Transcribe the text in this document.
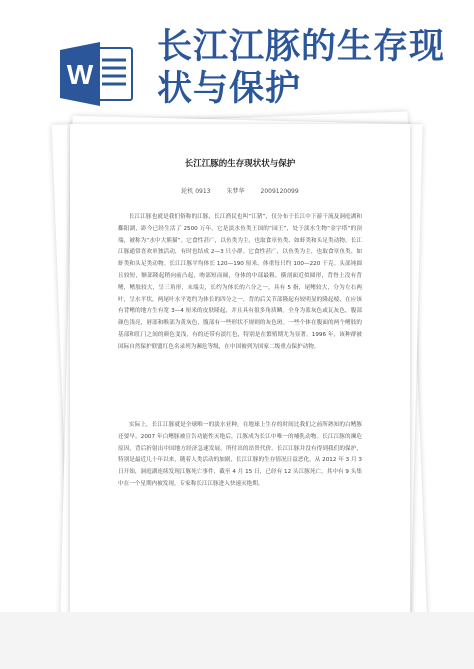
W
长江江豚的生存现状与保护
长江江豚的生存现状状与保护
轮机 0913	朱梦华	2009120099

长江江豚也就是我们俗称的江豚，长江渔民也叫“江猪”，仅分布于长江中下游干流及洞庭湖和鄱阳湖，距今已经生活了 2500 万年。它是淡水鱼类王国的“园王”，处于淡水生物“金字塔”的顶端，被称为“水中大熊猫”。它食性甚广，以鱼类为主，也取食章鱼类、如虾类和头足类动物。长江江豚通常喜欢单独活动，有时也结成 2—3 只小群。它食性甚广，以鱼类为主，也取食章鱼类、如虾类和头足类动物。长江江豚平均体长 120—190 厘米，体重每只约 100—220 千克。头部钝圆且较短，额部隆起稍向前凸起，吻部短而阔，身体的中部最粗，横剖面近似圆形，背脊上没有背鳍，鳍肢较大，呈三角形，末端尖，长约为体长的六分之一，具有 5 指，尾鳍较大，分为左右两叶，呈水平状，两尾叶水平宽约为体长的四分之一，背的后关节部隆起有较明显的隆起棱，在应该有背鳍的地方生有宽 3—4 厘米的皮肤隆起，并且具有很多角质鳞。全身为蓝灰色或瓦灰色，腹部颜色浅亮，唇部和喉部为黄灰色，腹部有一些形状不规则的灰色斑。一些个体在腹面的两个鳍肢的基部和肛门之间的颜色变浅，有的还带有淡红色，特别是在繁殖期尤为显著。1996 年，该种群被国际自然保护联盟红色名录列为濒危等级，在中国被列为国家二级重点保护动物。

实际上，长江江豚就是全球唯一的淡水亚种，在地球上生存的时间比我们之前所熟知的白鳍豚还要早。2007 年白鳍豚被宣告功能性灭绝后，江豚成为长江中唯一的哺乳动物。长江江豚的濒危原因，背后折射出中国地方经济急速发展，所付出的昂贵代价。长江江豚并没有得到我们的保护，特别是最近几十年以来，随着人类活动的加剧，长江江豚的生存情况日益恶化。从 2012 年 3 月 3 日开始，洞庭湖连续发现江豚死亡事件，截至 4 月 15 日，已经有 12 头江豚死亡，其中有 9 头集中在一个星期内被发现。专家称长江江豚进入快速灭绝期。
